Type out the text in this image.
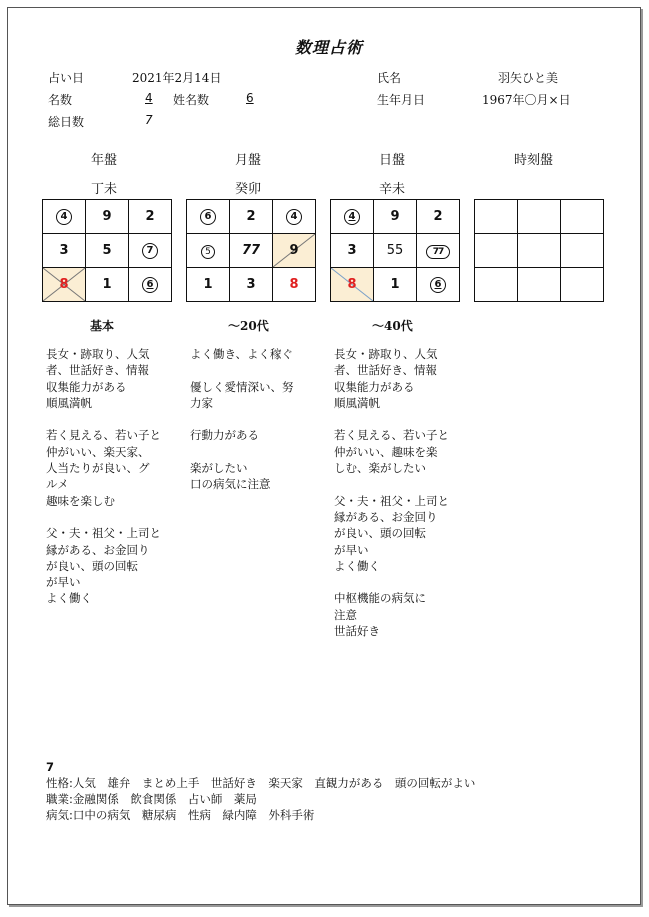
数理占術
占い日	2021年2月14日	氏名	羽矢ひと美
名数	4 姓名数	6	生年月日	1967年〇月×日
総日数	7
年盤	月盤	日盤	時刻盤
丁未	癸卯	辛未
4	9	2
3	5	7

8	1	6
6	2	4
5	77	9
1	3	8
4	9	2
3	55	77

8	1	6

基本	〜20代	〜40代
長女・跡取り、人気
者、世話好き、情報
収集能力がある
順風満帆

若く見える、若い子と
仲がいい、楽天家、
人当たりが良い、グ
ルメ
趣味を楽しむ

父・夫・祖父・上司と
縁がある、お金回り
が良い、頭の回転
が早い
よく働く
よく働き、よく稼ぐ

優しく愛情深い、努
力家

行動力がある

楽がしたい
口の病気に注意
長女・跡取り、人気
者、世話好き、情報
収集能力がある
順風満帆

若く見える、若い子と
仲がいい、趣味を楽
しむ、楽がしたい

父・夫・祖父・上司と
縁がある、お金回り
が良い、頭の回転
が早い
よく働く

中枢機能の病気に
注意
世話好き
7
性格:人気　雄弁　まとめ上手　世話好き　楽天家　直観力がある　頭の回転がよい
職業:金融関係　飲食関係　占い師　薬局
病気:口中の病気　糖尿病　性病　緑内障　外科手術
